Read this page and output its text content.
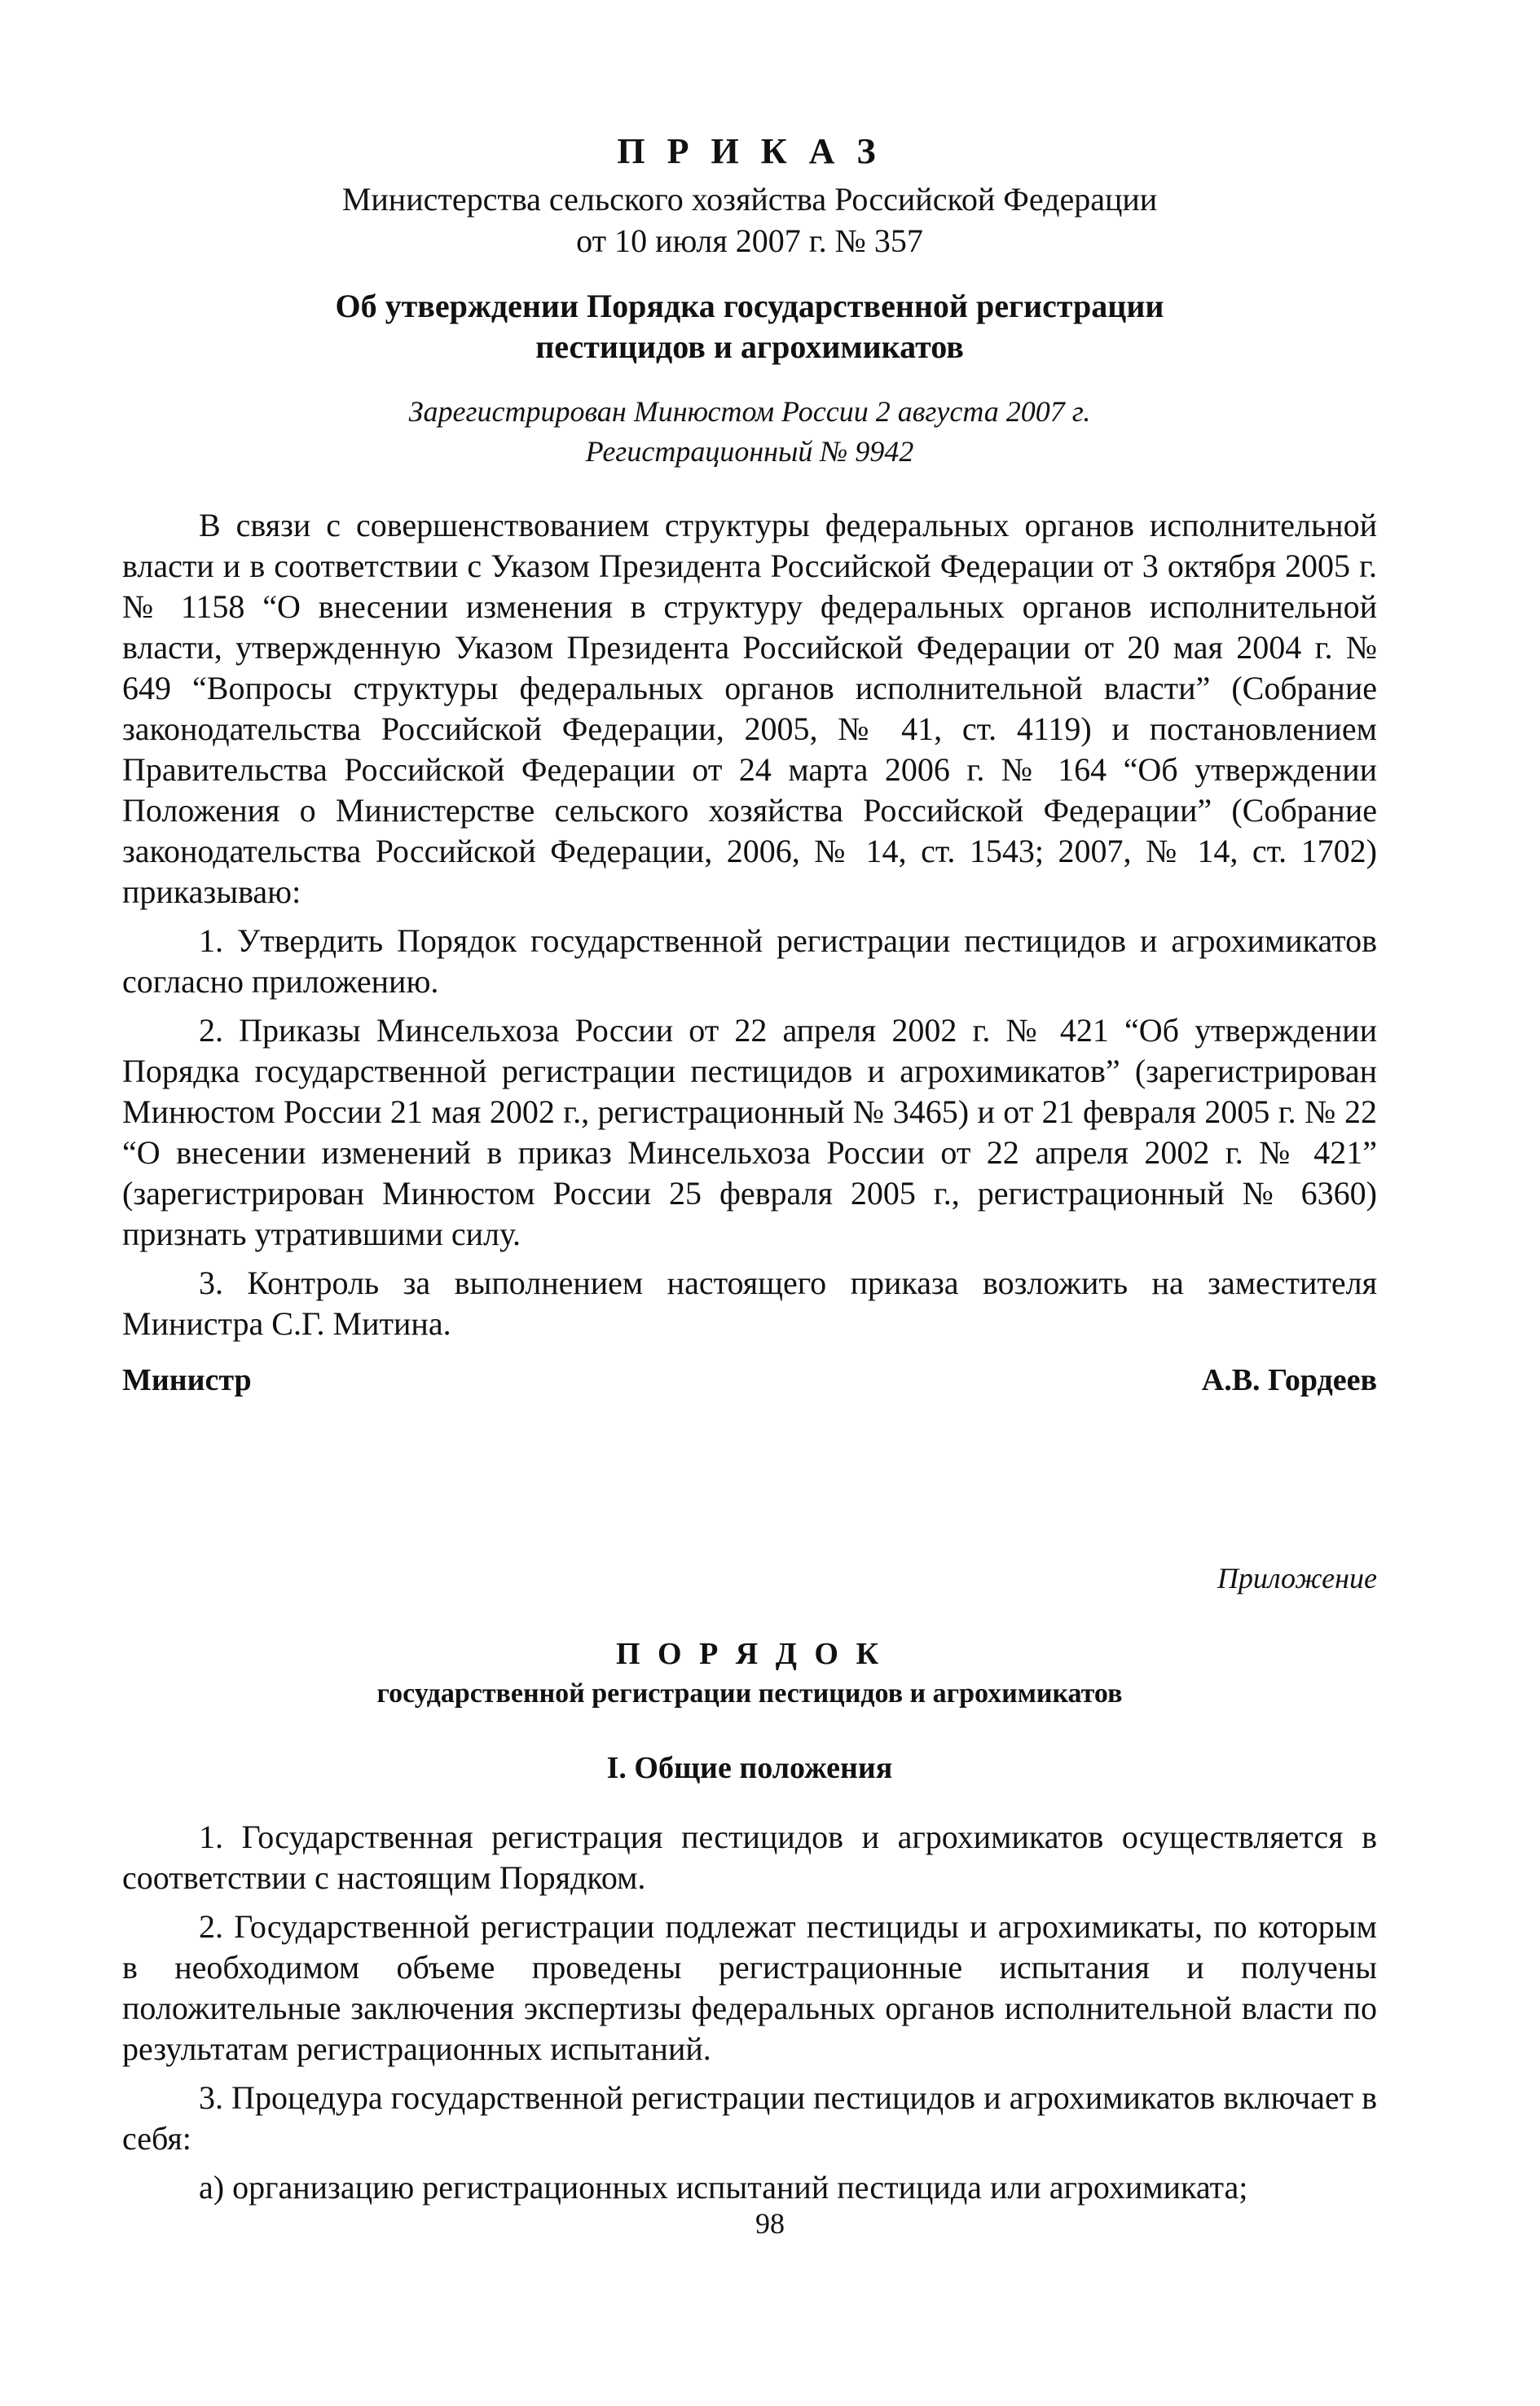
П Р И К А З
Министерства сельского хозяйства Российской Федерации
от 10 июля 2007 г. № 357
Об утверждении Порядка государственной регистрации
пестицидов и агрохимикатов
Зарегистрирован Минюстом России 2 августа 2007 г.
Регистрационный № 9942

В связи с совершенствованием структуры федеральных органов исполнительной власти и в соответствии с Указом Президента Российской Федерации от 3 октября 2005 г. № 1158 “О внесении изменения в структуру федеральных органов исполнительной власти, утвержденную Указом Президента Российской Федерации от 20 мая 2004 г. № 649 “Вопросы структуры федеральных органов исполнительной власти” (Собрание законодательства Российской Федерации, 2005, № 41, ст. 4119) и постановлением Правительства Российской Федерации от 24 марта 2006 г. № 164 “Об утверждении Положения о Министерстве сельского хозяйства Российской Федерации” (Собрание законодательства Российской Федерации, 2006, № 14, ст. 1543; 2007, № 14, ст. 1702) приказываю:

1. Утвердить Порядок государственной регистрации пестицидов и агрохимикатов согласно приложению.

2. Приказы Минсельхоза России от 22 апреля 2002 г. № 421 “Об утверждении Порядка государственной регистрации пестицидов и агрохимикатов” (зарегистрирован Минюстом России 21 мая 2002 г., регистрационный № 3465) и от 21 февраля 2005 г. № 22 “О внесении изменений в приказ Минсельхоза России от 22 апреля 2002 г. № 421” (зарегистрирован Минюстом России 25 февраля 2005 г., регистрационный № 6360) признать утратившими силу.

3. Контроль за выполнением настоящего приказа возложить на заместителя Министра С.Г. Митина.

Министр	А.В. Гордеев
Приложение
П О Р Я Д О К
государственной регистрации пестицидов и агрохимикатов
I. Общие положения

1. Государственная регистрация пестицидов и агрохимикатов осуществляется в соответствии с настоящим Порядком.

2. Государственной регистрации подлежат пестициды и агрохимикаты, по которым в необходимом объеме проведены регистрационные испытания и получены положительные заключения экспертизы федеральных органов исполнительной власти по результатам регистрационных испытаний.

3. Процедура государственной регистрации пестицидов и агрохимикатов включает в себя:

а) организацию регистрационных испытаний пестицида или агрохимиката;

98
